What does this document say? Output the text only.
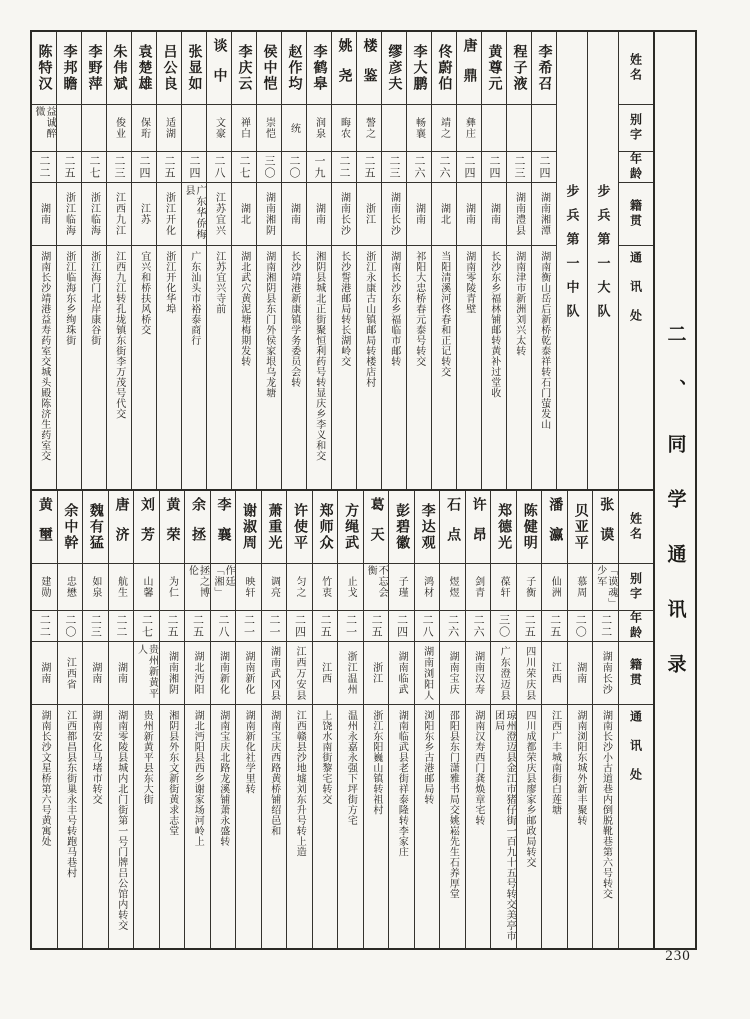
姓名
别字
年龄
籍贯
通讯处
步兵第一大队
步兵第一中队
李希召
二四
湖南湘潭
湖南衡山岳后新桥乾泰祥转石门萤发山
程子液
二三
湖南澧县
湖南津市新洲刘兴太转
黄尊元
二四
湖南
长沙东乡福林铺邮转黄补过堂收
唐鼎
彝庄
二四
湖南
湖南零陵青壁
佟蔚伯
靖之
二六
湖北
当阳清溪河佟春和正记转交
李大鹏
畅襄
二六
湖南
祁阳大忠桥春元泰号转交
缪彦夫
二三
湖南长沙
湖南长沙东乡福临市邮转
楼鉴
謷之
二五
浙江
浙江永康古山镇邮局转楼店村
姚尧
晦农
二二
湖南长沙
长沙誓港邮局转长湖岭交
李鹤皋
润泉
一九
湖南
湘阴县城北正街聚恒利药号转显庆乡李义和交
赵作均
统
二〇
湖南
长沙靖港新康镇学务委员会转
侯中恺
崇恺
三〇
湖南湘阴
湖南湘阴县东门外侯家垠乌龙塘
李庆云
禅白
二七
湖北
湖北武穴黄泥塘梅期发转
谈中
文豪
二八
江苏宜兴
江苏宜兴寺前
张显如
二四
广东华侨梅县
广东汕头市裕泰商行
吕公良
适湖
二五
浙江开化
浙江开化华埠
袁楚雄
保珩
二四
江苏
宜兴和桥扶风桥交
朱伟斌
俊业
二三
江西九江
江西九江转孔垅镇东街李万茂号代交
李野萍
二七
浙江临海
浙江海门北岸康谷街
李邦瞻
二五
浙江临海
浙江临海东乡绚珠街
陈特汉
益诚醉微
二二
湖南
湖南长沙靖港益寿药室交城头殿陈济生药室交
姓名
别字
年龄
籍贯
通讯处
张谟
「谟魂」少军
二二
湖南长沙
湖南长沙小古道巷内倒脱靴巷第六号转交
贝亚平
慕周
二〇
湖南
湖南浏阳东城外新丰聚转
潘瀛
仙洲
二五
江西
江西广丰城南街白莲塘
陈健明
子衡
二五
四川荣庆县
四川成都荣庆县廖家乡邮政局转交
郑德光
葆轩
三〇
广东澄迈县
琼州澄迈县金江市猪仔街一百九十五号转交美亭市团局
许昂
剑青
二六
湖南汉寿
湖南汉寿西门龚焕章宅转
石点
煜煜
二六
湖南宝庆
邵阳县东门潇雅书局交姚崧先生石养厚堂
李达观
鸿材
二八
湖南浏阳人
浏阳东乡古港邮局转
彭碧徽
子瑾
二四
湖南临武
湖南临武县老街祥泰隆转李家庄
葛天
不忘会衡
二五
浙江
浙江东阳巍山镇转祖村
方绳武
止戈
二一
浙江温州
温州永嘉永强下坪街方宅
郑师众
竹衷
二五
江西
上饶水南街黎宅转交
许使平
匀之
二四
江西万安县
江西赣县沙地墟刘东升号转上造
萧重光
调亮
二一
湖南武冈县
湖南宝庆西路黄桥铺绍邑和
谢淑周
映轩
二一
湖南新化
湖南新化社学里转
李襄
作廷「湘」
二八
湖南新化
湖南宝庆北路龙溪铺萧永盛转
余拯
拯之博伦
二五
湖北沔阳
湖北沔阳县西乡谢家场河岭上
黄荣
为仁
二五
湖南湘阴
湘阴县外东文新街黄求志堂
刘芳
山馨
二七
贵州新黄平人
贵州新黄平县东大街
唐济
航生
二二
湖南
湖南零陵县城内北门街第一号门牌吕公馆内转交
魏有猛
如泉
二三
湖南
湖南安化马堵市转交
余中幹
忠懋
二〇
江西省
江西都昌县东街巢永丰号转跑马巷村
黄壐
建勋
二二
湖南
湖南长沙文星桥第六号黄寓处
二、同学通讯录
230
